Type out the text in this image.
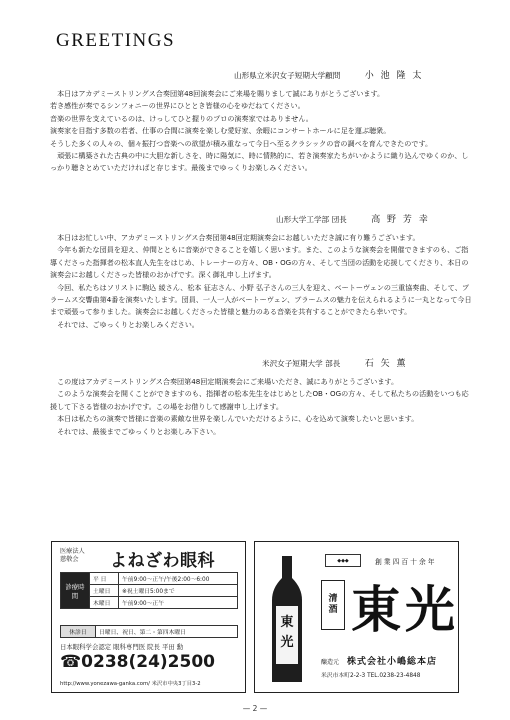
GREETINGS
山形県立米沢女子短期大学顧問	小 池 隆 太

本日はアカデミーストリングス合奏団第48回演奏会にご来場を賜りまして誠にありがとうございます。

若き感性が奏でるシンフォニーの世界にひととき皆様の心をゆだねてください。

音楽の世界を支えているのは、けっしてひと握りのプロの演奏家ではありません。

演奏家を目指す多数の若者、仕事の合間に演奏を楽しむ愛好家、余暇にコンサートホールに足を運ぶ聴衆。

そうした多くの人々の、個々振打つ音楽への欲望が積み重なって今日へ至るクラシックの音の調べを育んできたのです。

頑張に構築された古典の中に大胆な新しさを、時に陽気に、時に情熱的に、若き演奏家たちがいかように織り込んでゆくのか、しっかり聴きとめていただければと存じます。最後までゆっくりお楽しみください。

山形大学工学部 団長	高 野 芳 幸

本日はお忙しい中、アカデミーストリングス合奏団第48回定期演奏会にお越しいただき誠に有り難うございます。

今年も新たな団員を迎え、仲間とともに音楽ができることを嬉しく思います。また、このような演奏会を開催できますのも、ご指導くださった指揮者の松本直人先生をはじめ、トレーナーの方々、OB・OGの方々、そして当団の活動を応援してくださり、本日の演奏会にお越しくださった皆様のおかげです。深く御礼申し上げます。

今回、私たちはソリストに駒込 綾さん、松本 征志さん、小野 弘子さんの三人を迎え、ベートーヴェンの三重協奏曲、そして、ブラームス交響曲第4番を演奏いたします。団員、一人一人がベートーヴェン、ブラームスの魅力を伝えられるように一丸となって今日まで頑張って参りました。演奏会にお越しくださった皆様と魅力のある音楽を共有することができたら幸いです。

それでは、ごゆっくりとお楽しみください。

米沢女子短期大学 部長	石 矢 薫

この度はアカデミーストリングス合奏団第48回定期演奏会にご来場いただき、誠にありがとうございます。

このような演奏会を開くことができますのも、指揮者の松本先生をはじめとしたOB・OGの方々、そして私たちの活動をいつも応援して下さる皆様のおかげです。この場をお借りして感謝申し上げます。

本日は私たちの演奏で皆様に音楽の素敵な世界を楽しんでいただけるように、心を込めて演奏したいと思います。

それでは、最後までごゆっくりとお楽しみ下さい。

医療法人
慈敬会	よねざわ眼科
診療時間	平 日	午前9:00〜正午/午後2:00〜6:00
	土曜日	※祝土曜日5:00まで
	木曜日	午前9:00〜正午
休診日	日曜日、祝日、第二・第四木曜日
日本眼科学会認定 眼科専門医 院長 平田 勳
☎0238(24)2500
http://www.yonezawa-ganka.com/ 米沢市中央3丁目3-2
東
光
◆◆◆	創業四百十余年
清
酒 東光
醸造元 株式会社小嶋総本店
米沢市本町2-2-3 TEL.0238-23-4848
— 2 —
